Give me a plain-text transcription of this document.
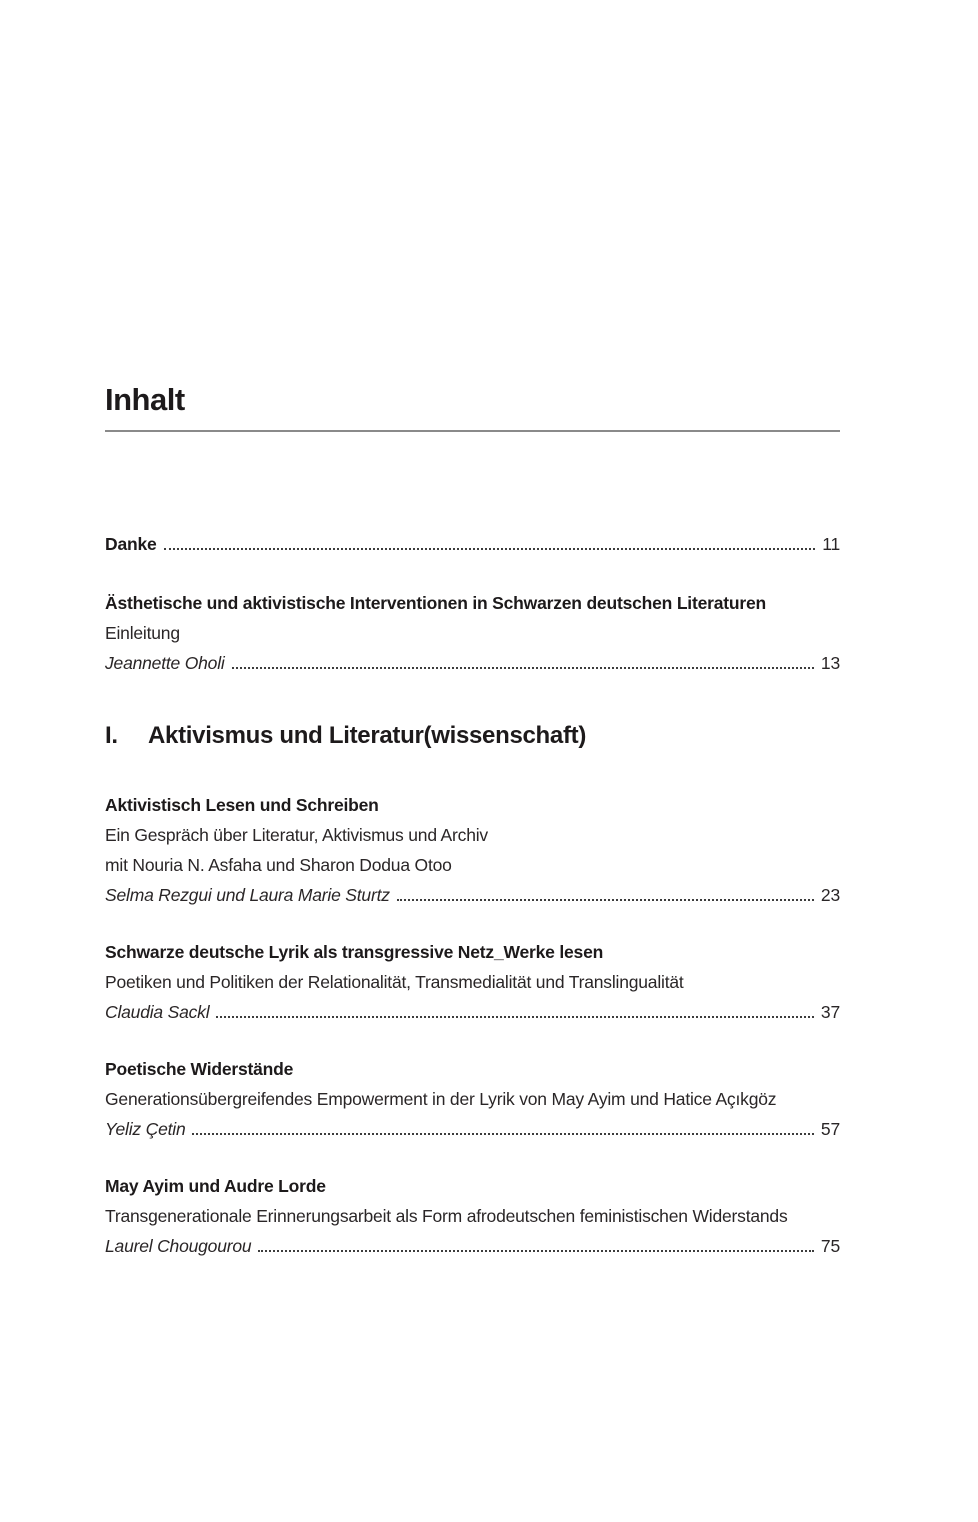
Inhalt
Danke	11
Ästhetische und aktivistische Interventionen in Schwarzen deutschen Literaturen
Einleitung
Jeannette Oholi	13
I.	Aktivismus und Literatur(wissenschaft)
Aktivistisch Lesen und Schreiben
Ein Gespräch über Literatur, Aktivismus und Archiv
mit Nouria N. Asfaha und Sharon Dodua Otoo
Selma Rezgui und Laura Marie Sturtz	23
Schwarze deutsche Lyrik als transgressive Netz_Werke lesen
Poetiken und Politiken der Relationalität, Transmedialität und Translingualität
Claudia Sackl	37
Poetische Widerstände
Generationsübergreifendes Empowerment in der Lyrik von May Ayim und Hatice Açıkgöz
Yeliz Çetin	57
May Ayim und Audre Lorde
Transgenerationale Erinnerungsarbeit als Form afrodeutschen feministischen Widerstands
Laurel Chougourou	75
